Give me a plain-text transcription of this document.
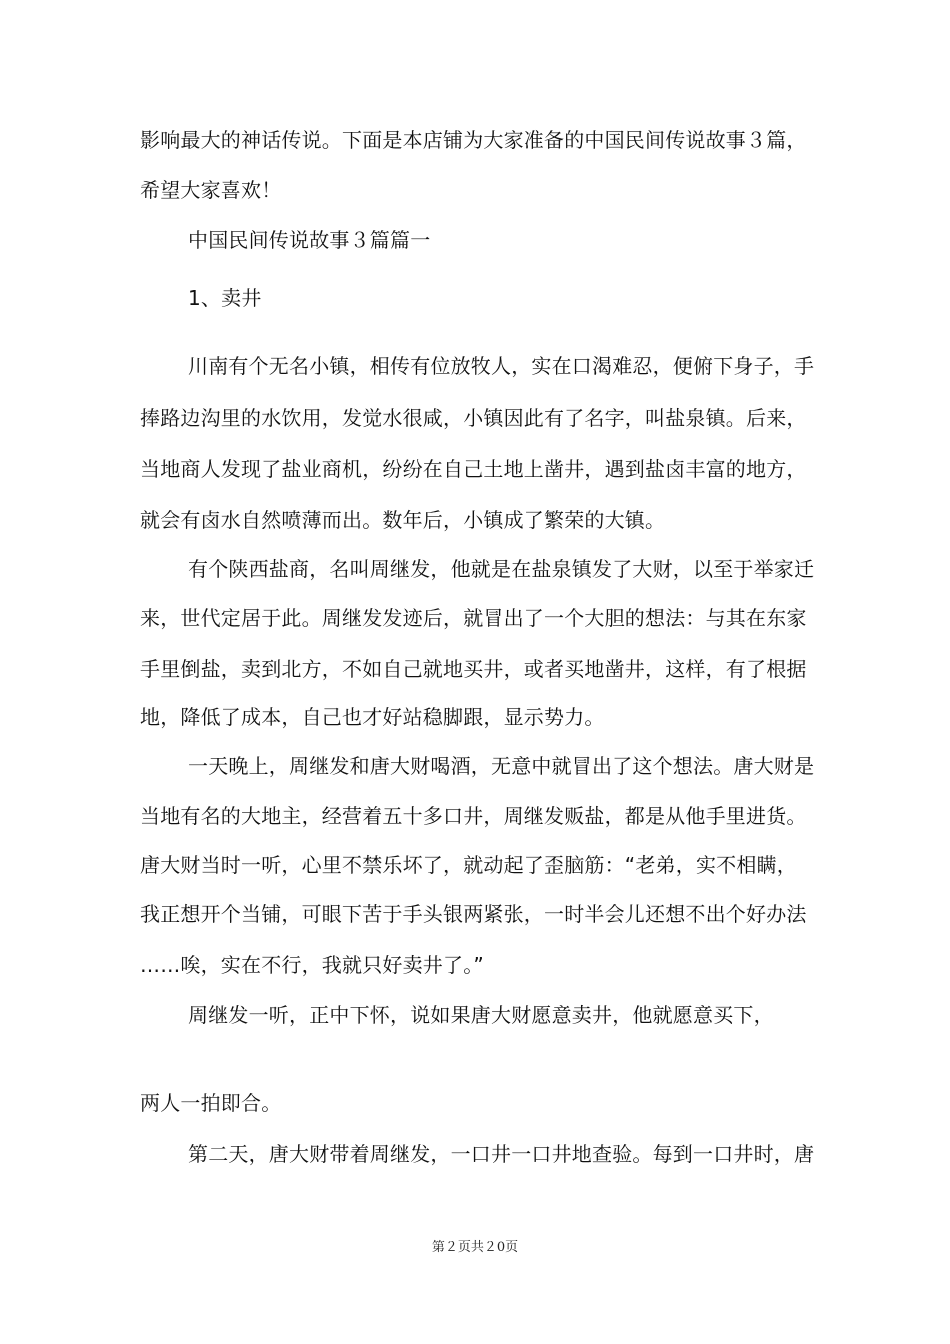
影响最大的神话传说。下面是本店铺为大家准备的中国民间传说故事３篇，
希望大家喜欢！
中国民间传说故事３篇篇一
1、卖井
川南有个无名小镇，相传有位放牧人，实在口渴难忍，便俯下身子，手
捧路边沟里的水饮用，发觉水很咸，小镇因此有了名字，叫盐泉镇。后来，
当地商人发现了盐业商机，纷纷在自己土地上凿井，遇到盐卤丰富的地方，
就会有卤水自然喷薄而出。数年后，小镇成了繁荣的大镇。
有个陕西盐商，名叫周继发，他就是在盐泉镇发了大财，以至于举家迁
来，世代定居于此。周继发发迹后，就冒出了一个大胆的想法：与其在东家
手里倒盐，卖到北方，不如自己就地买井，或者买地凿井，这样，有了根据
地，降低了成本，自己也才好站稳脚跟，显示势力。
一天晚上，周继发和唐大财喝酒，无意中就冒出了这个想法。唐大财是
当地有名的大地主，经营着五十多口井，周继发贩盐，都是从他手里进货。
唐大财当时一听，心里不禁乐坏了，就动起了歪脑筋：“老弟，实不相瞒，
我正想开个当铺，可眼下苦于手头银两紧张，一时半会儿还想不出个好办法
……唉，实在不行，我就只好卖井了。”
周继发一听，正中下怀，说如果唐大财愿意卖井，他就愿意买下，
两人一拍即合。
第二天，唐大财带着周继发，一口井一口井地查验。每到一口井时，唐
第２页共２0页
